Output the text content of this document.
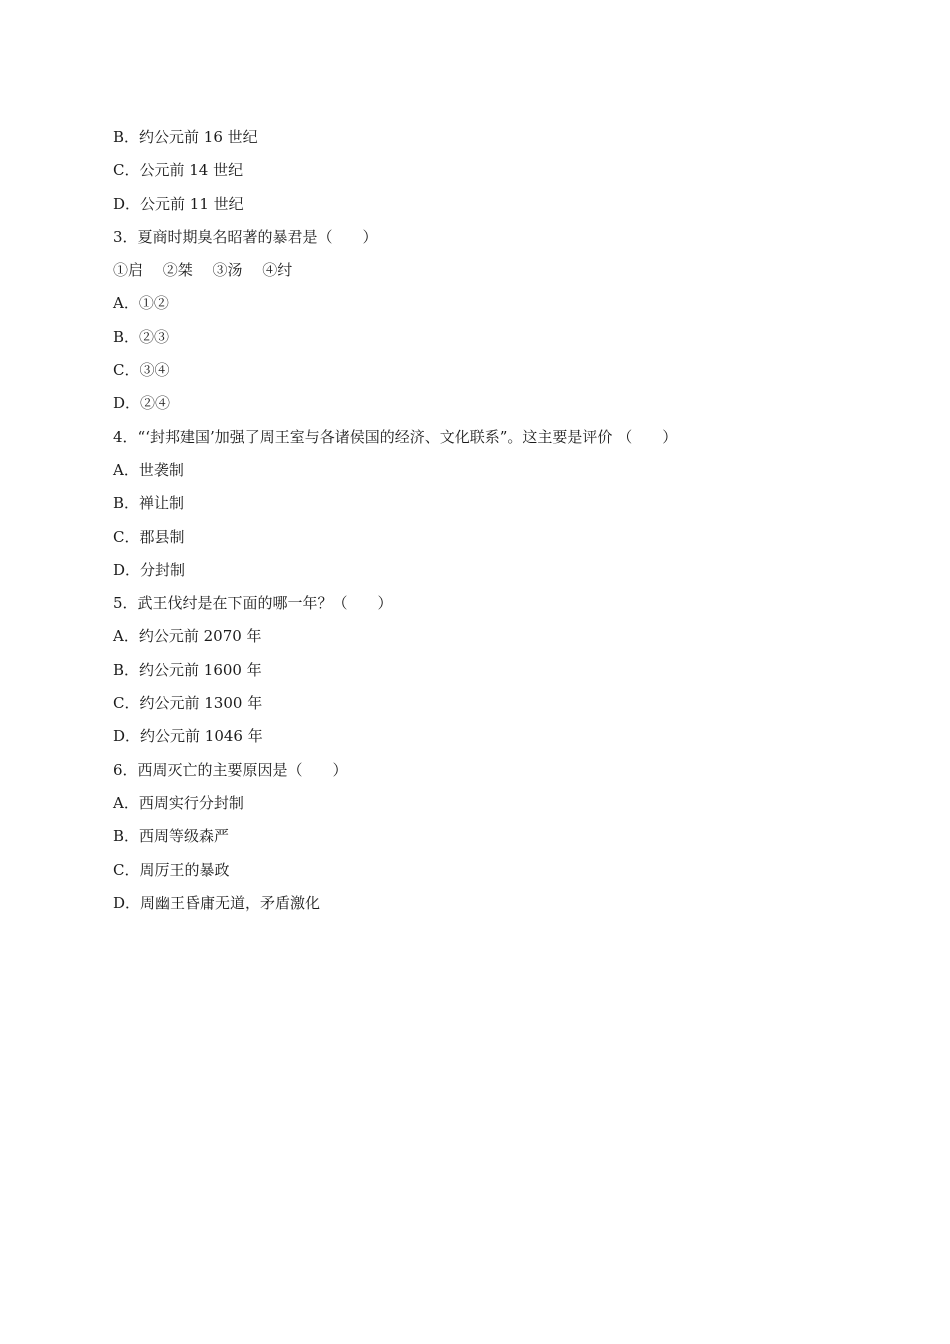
B．约公元前 16 世纪
C．公元前 14 世纪
D．公元前 11 世纪
3．夏商时期臭名昭著的暴君是（　　）
①启　 ②桀　 ③汤　 ④纣
A．①②
B．②③
C．③④
D．②④
4．“‘封邦建国’加强了周王室与各诸侯国的经济、文化联系”。这主要是评价 （　　）
A．世袭制
B．禅让制
C．郡县制
D．分封制
5．武王伐纣是在下面的哪一年？（　　）
A．约公元前 2070 年
B．约公元前 1600 年
C．约公元前 1300 年
D．约公元前 1046 年
6．西周灭亡的主要原因是（　　）
A．西周实行分封制
B．西周等级森严
C．周厉王的暴政
D．周幽王昏庸无道，矛盾激化
